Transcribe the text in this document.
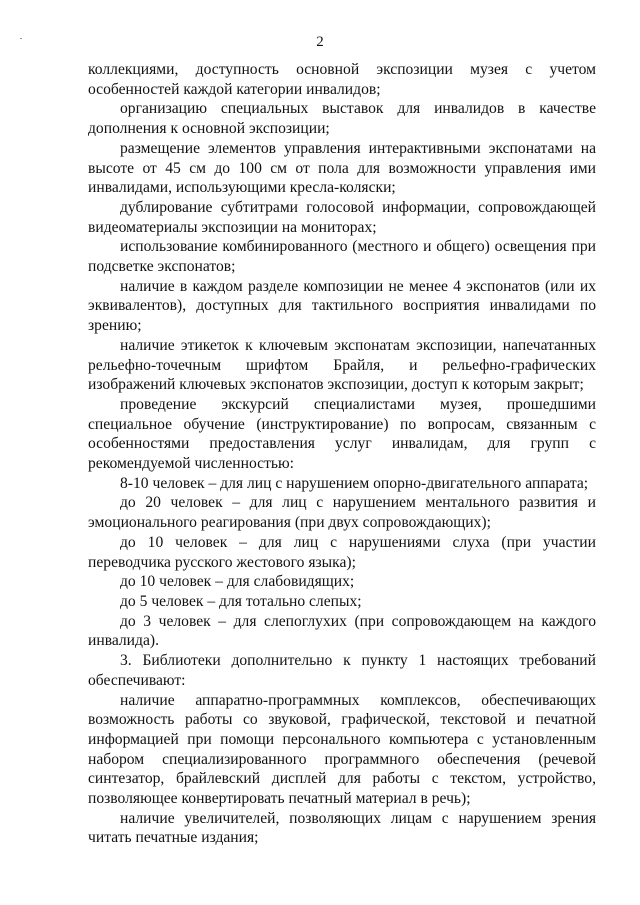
2

коллекциями, доступность основной экспозиции музея с учетом особенностей каждой категории инвалидов;

организацию специальных выставок для инвалидов в качестве дополнения к основной экспозиции;

размещение элементов управления интерактивными экспонатами на высоте от 45 см до 100 см от пола для возможности управления ими инвалидами, использующими кресла-коляски;

дублирование субтитрами голосовой информации, сопровождающей видеоматериалы экспозиции на мониторах;

использование комбинированного (местного и общего) освещения при подсветке экспонатов;

наличие в каждом разделе композиции не менее 4 экспонатов (или их эквивалентов), доступных для тактильного восприятия инвалидами по зрению;

наличие этикеток к ключевым экспонатам экспозиции, напечатанных рельефно-точечным шрифтом Брайля, и рельефно-графических изображений ключевых экспонатов экспозиции, доступ к которым закрыт;

проведение экскурсий специалистами музея, прошедшими специальное обучение (инструктирование) по вопросам, связанным с особенностями предоставления услуг инвалидам, для групп с рекомендуемой численностью:

8-10 человек – для лиц с нарушением опорно-двигательного аппарата;

до 20 человек – для лиц с нарушением ментального развития и эмоционального реагирования (при двух сопровождающих);

до 10 человек – для лиц с нарушениями слуха (при участии переводчика русского жестового языка);

до 10 человек – для слабовидящих;

до 5 человек – для тотально слепых;

до 3 человек – для слепоглухих (при сопровождающем на каждого инвалида).

3. Библиотеки дополнительно к пункту 1 настоящих требований обеспечивают:

наличие аппаратно-программных комплексов, обеспечивающих возможность работы со звуковой, графической, текстовой и печатной информацией при помощи персонального компьютера с установленным набором специализированного программного обеспечения (речевой синтезатор, брайлевский дисплей для работы с текстом, устройство, позволяющее конвертировать печатный материал в речь);

наличие увеличителей, позволяющих лицам с нарушением зрения читать печатные издания;
